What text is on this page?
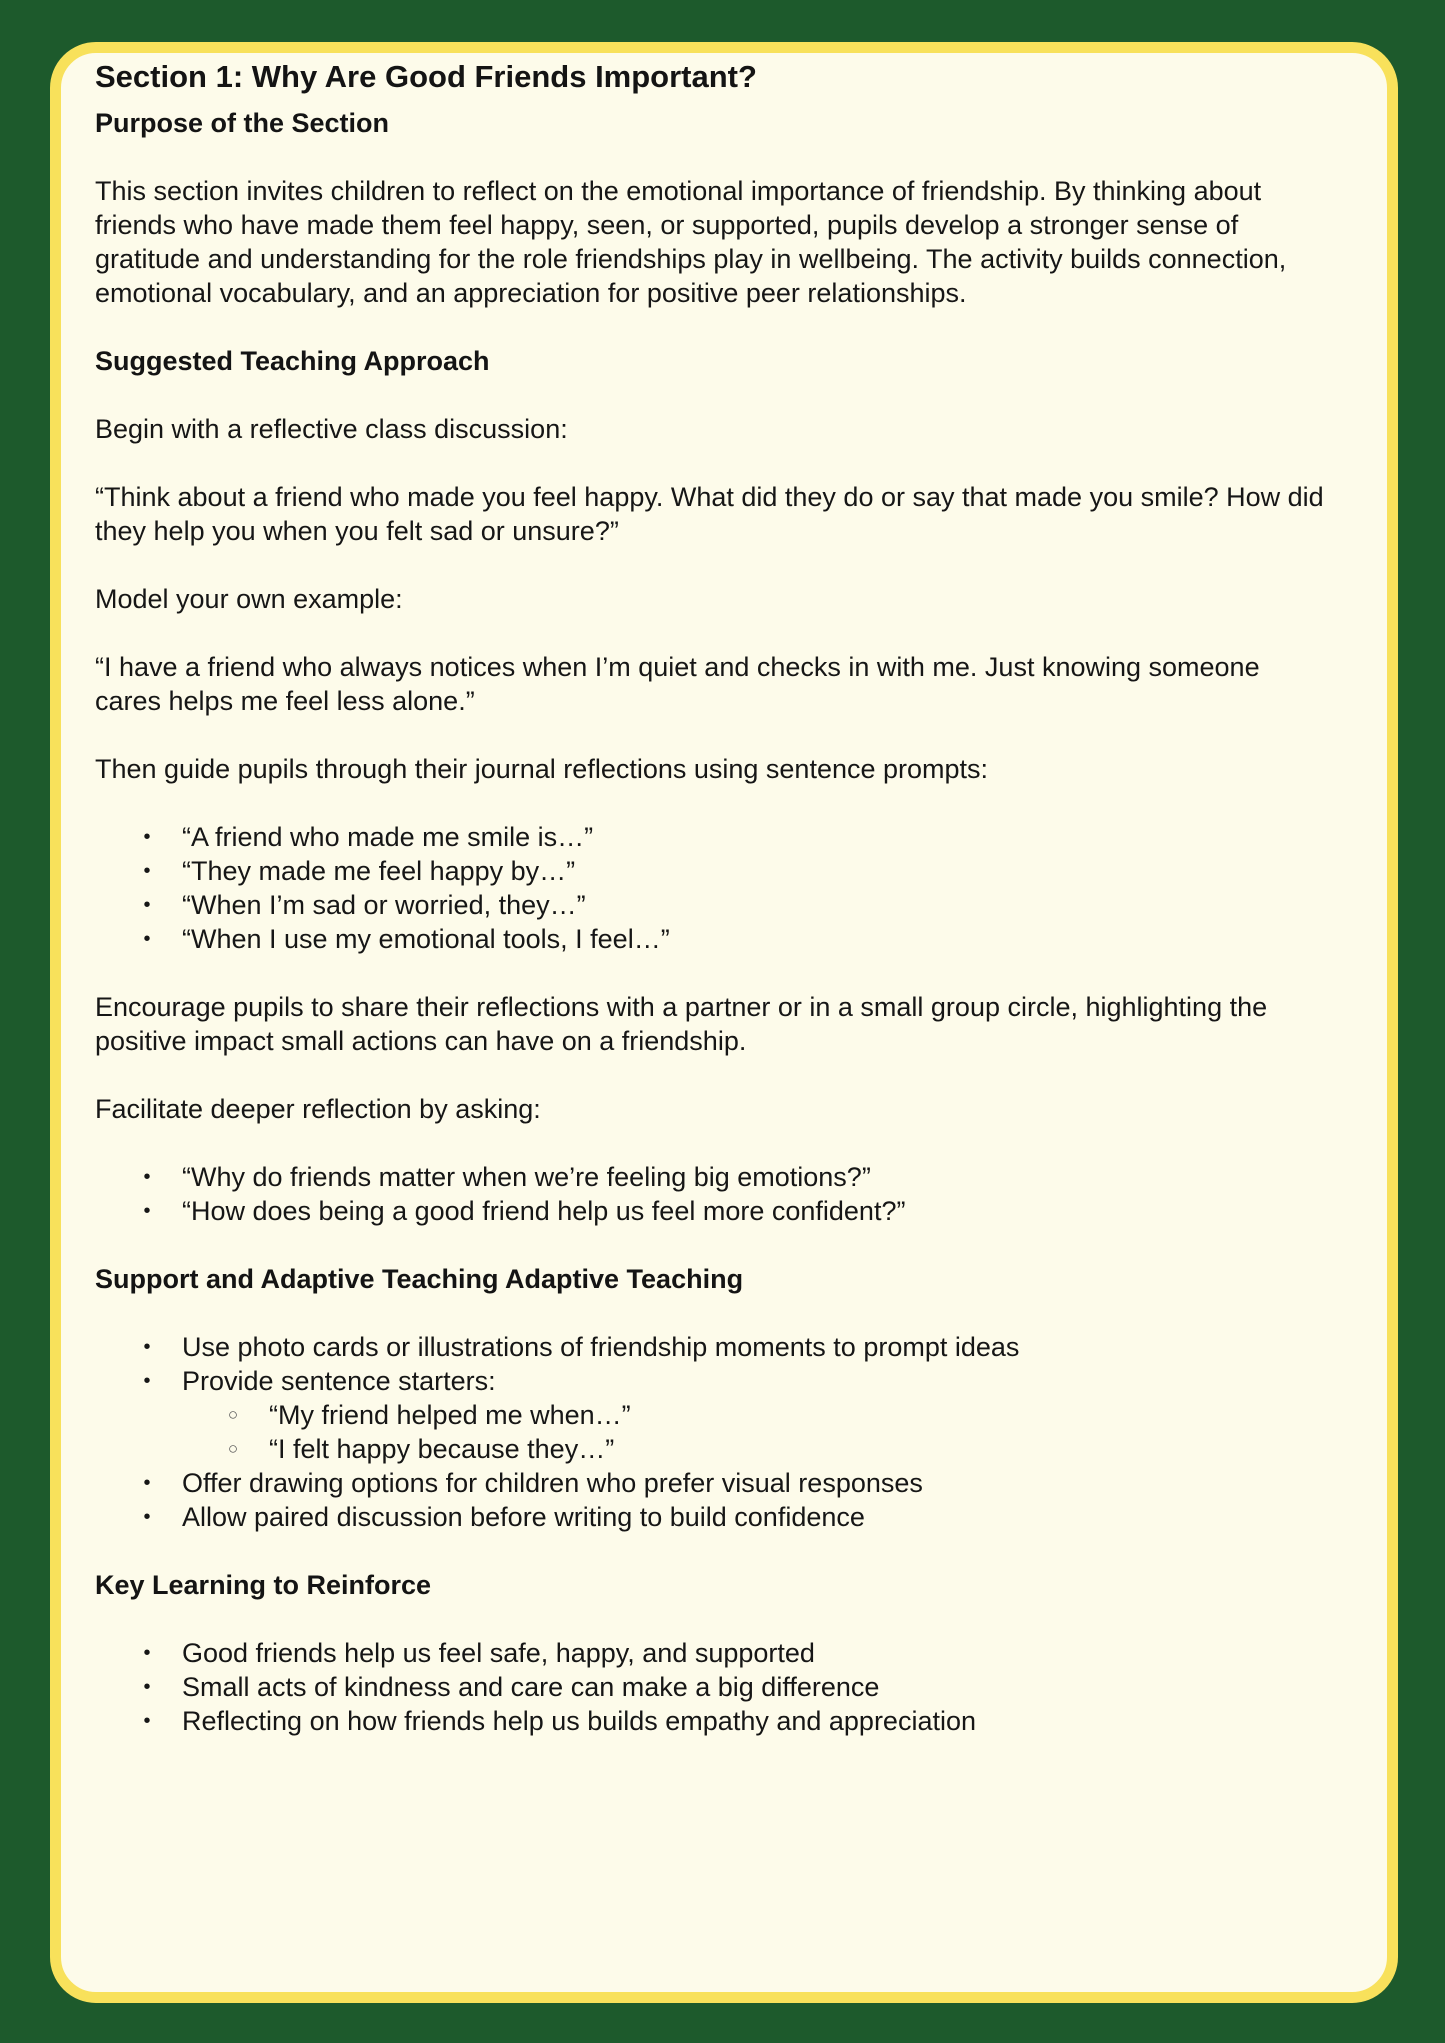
Section 1: Why Are Good Friends Important?
Purpose of the Section

This section invites children to reflect on the emotional importance of friendship. By thinking about friends who have made them feel happy, seen, or supported, pupils develop a stronger sense of gratitude and understanding for the role friendships play in wellbeing. The activity builds connection, emotional vocabulary, and an appreciation for positive peer relationships.

Suggested Teaching Approach

Begin with a reflective class discussion:

“Think about a friend who made you feel happy. What did they do or say that made you smile? How did they help you when you felt sad or unsure?”

Model your own example:

“I have a friend who always notices when I’m quiet and checks in with me. Just knowing someone cares helps me feel less alone.”

Then guide pupils through their journal reflections using sentence prompts:

• “A friend who made me smile is…”
• “They made me feel happy by…”
• “When I’m sad or worried, they…”
• “When I use my emotional tools, I feel…”

Encourage pupils to share their reflections with a partner or in a small group circle, highlighting the positive impact small actions can have on a friendship.

Facilitate deeper reflection by asking:

• “Why do friends matter when we’re feeling big emotions?”
• “How does being a good friend help us feel more confident?”
Support and Adaptive Teaching Adaptive Teaching
• Use photo cards or illustrations of friendship moments to prompt ideas
• Provide sentence starters:
○ “My friend helped me when…”
○ “I felt happy because they…”
• Offer drawing options for children who prefer visual responses
• Allow paired discussion before writing to build confidence
Key Learning to Reinforce
• Good friends help us feel safe, happy, and supported
• Small acts of kindness and care can make a big difference
• Reflecting on how friends help us builds empathy and appreciation
